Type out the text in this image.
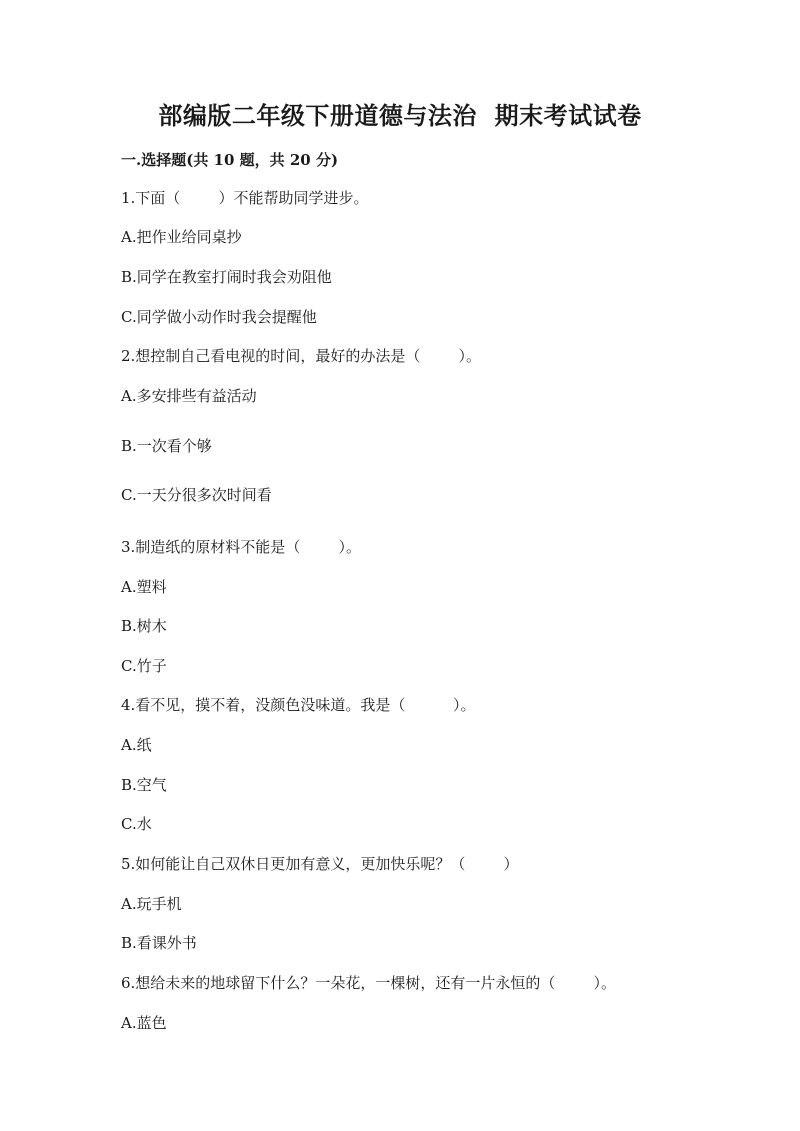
部编版二年级下册道德与法治  期末考试试卷
一.选择题(共 10 题，共 20 分)
1.下面（        ）不能帮助同学进步。
A.把作业给同桌抄
B.同学在教室打闹时我会劝阻他
C.同学做小动作时我会提醒他
2.想控制自己看电视的时间，最好的办法是（        ）。
A.多安排些有益活动
B.一次看个够
C.一天分很多次时间看
3.制造纸的原材料不能是（        ）。
A.塑料
B.树木
C.竹子
4.看不见，摸不着，没颜色没味道。我是（          ）。
A.纸
B.空气
C.水
5.如何能让自己双休日更加有意义，更加快乐呢？（        ）
A.玩手机
B.看课外书
6.想给未来的地球留下什么？一朵花，一棵树，还有一片永恒的（        ）。
A.蓝色
